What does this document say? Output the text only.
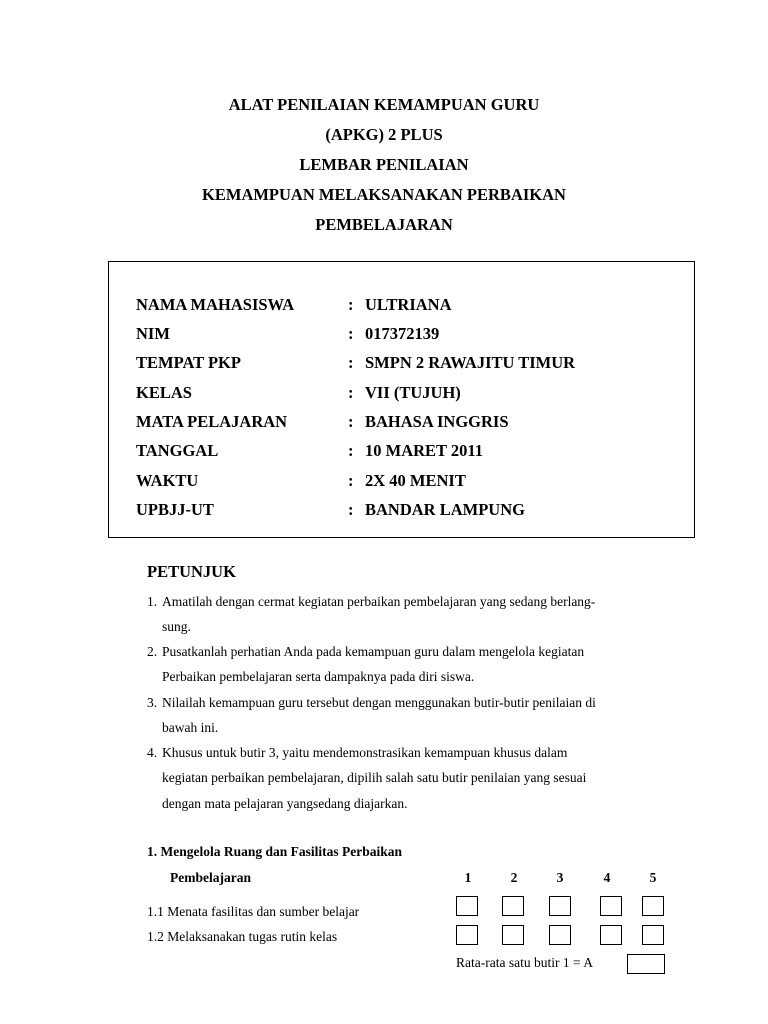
ALAT PENILAIAN KEMAMPUAN GURU

(APKG) 2 PLUS

LEMBAR PENILAIAN

KEMAMPUAN MELAKSANAKAN PERBAIKAN

PEMBELAJARAN

NAMA MAHASISWA	: ULTRIANA
NIM	: 017372139
TEMPAT PKP	: SMPN 2 RAWAJITU TIMUR
KELAS	: VII (TUJUH)
MATA PELAJARAN	: BAHASA INGGRIS
TANGGAL	: 10 MARET 2011
WAKTU	: 2X 40 MENIT
UPBJJ-UT	: BANDAR LAMPUNG
PETUNJUK
1. Amatilah dengan cermat kegiatan perbaikan pembelajaran yang sedang berlang-
sung.
2. Pusatkanlah perhatian Anda pada kemampuan guru dalam mengelola kegiatan
Perbaikan pembelajaran serta dampaknya pada diri siswa.
3. Nilailah kemampuan guru tersebut dengan menggunakan butir-butir penilaian di
bawah ini.
4. Khusus untuk butir 3, yaitu mendemonstrasikan kemampuan khusus dalam
kegiatan perbaikan pembelajaran, dipilih salah satu butir penilaian yang sesuai
dengan mata pelajaran yangsedang diajarkan.
1. Mengelola Ruang dan Fasilitas Perbaikan
Pembelajaran	1	2	3	4	5
1.1 Menata fasilitas dan sumber belajar
1.2 Melaksanakan tugas rutin kelas
Rata-rata satu butir 1 = A
